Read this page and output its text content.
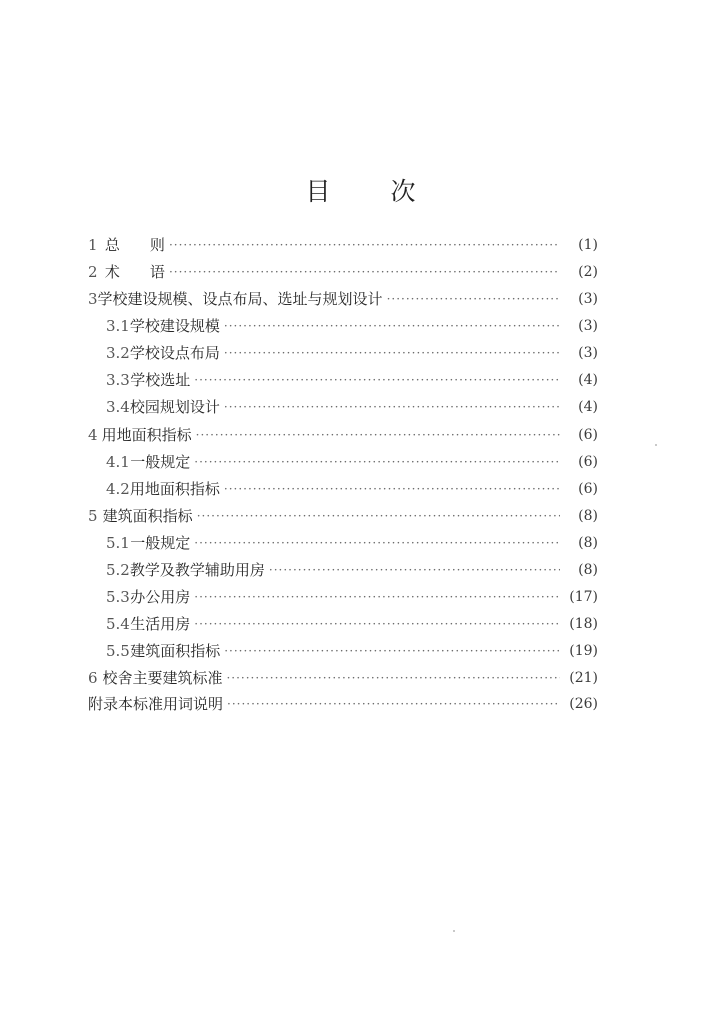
目 次
1 总　　则 ·····	(1)
2 术　　语 ·····	(2)
3 学校建设规模、设点布局、选址与规划设计 ·····	(3)
3.1 学校建设规模 ·····	(3)
3.2 学校设点布局 ·····	(3)
3.3 学校选址 ·····	(4)
3.4 校园规划设计 ·····	(4)
4 用地面积指标 ·····	(6)
4.1 一般规定 ·····	(6)
4.2 用地面积指标 ·····	(6)
5 建筑面积指标 ·····	(8)
5.1 一般规定 ·····	(8)
5.2 教学及教学辅助用房 ·····	(8)
5.3 办公用房 ·····	(17)
5.4 生活用房 ·····	(18)
5.5 建筑面积指标 ·····	(19)
6 校舍主要建筑标准 ·····	(21)
附录 本标准用词说明 ·····	(26)
